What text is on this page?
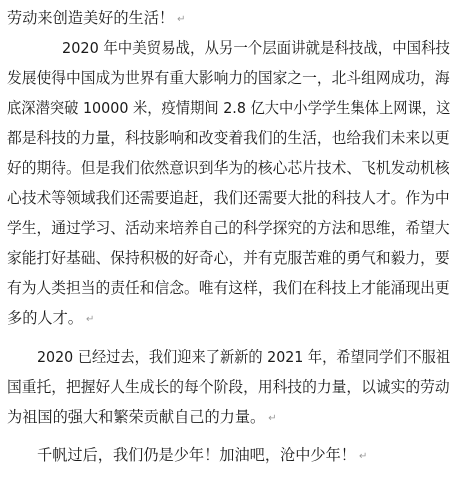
劳动来创造美好的生活！ ↵
2020 年中美贸易战，从另一个层面讲就是科技战，中国科技
发展使得中国成为世界有重大影响力的国家之一，北斗组网成功，海
底深潜突破 10000 米，疫情期间 2.8 亿大中小学学生集体上网课，这
都是科技的力量，科技影响和改变着我们的生活，也给我们未来以更
好的期待。但是我们依然意识到华为的核心芯片技术、飞机发动机核
心技术等领域我们还需要追赶，我们还需要大批的科技人才。作为中
学生，通过学习、活动来培养自己的科学探究的方法和思维，希望大
家能打好基础、保持积极的好奇心，并有克服苦难的勇气和毅力，要
有为人类担当的责任和信念。唯有这样，我们在科技上才能涌现出更
多的人才。 ↵
2020 已经过去，我们迎来了新新的 2021 年，希望同学们不服祖
国重托，把握好人生成长的每个阶段，用科技的力量，以诚实的劳动
为祖国的强大和繁荣贡献自己的力量。 ↵
千帆过后，我们仍是少年！加油吧，沧中少年！ ↵
